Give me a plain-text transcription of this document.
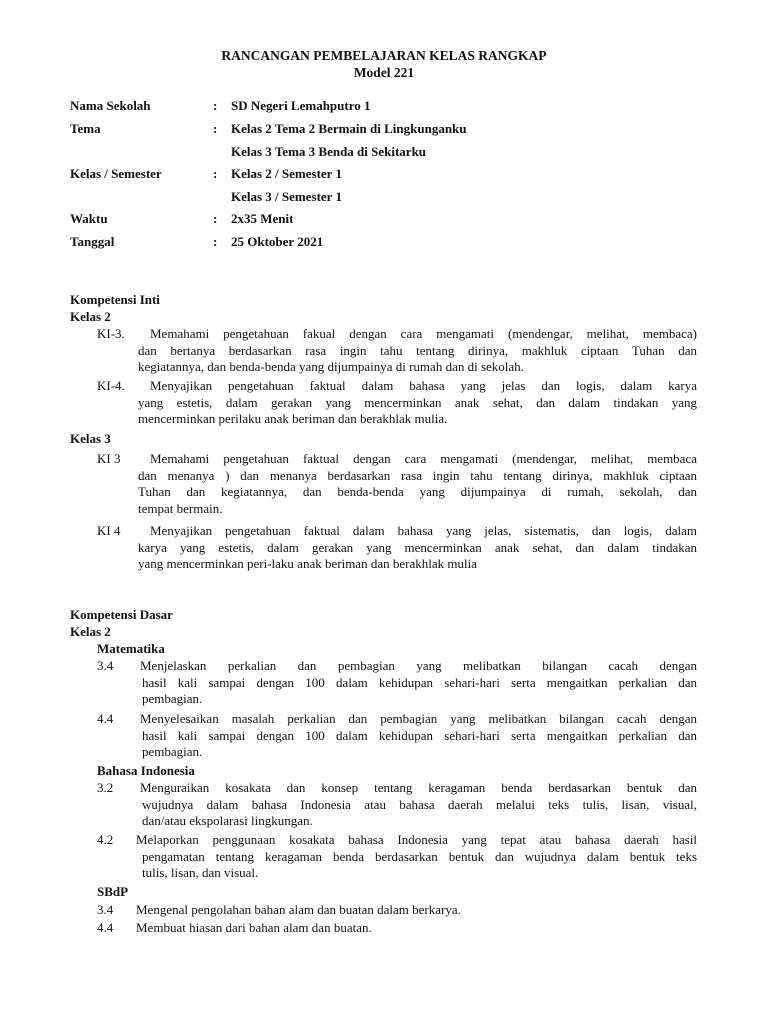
RANCANGAN PEMBELAJARAN KELAS RANGKAP
Model 221
Nama Sekolah	: SD Negeri Lemahputro 1
Tema	: Kelas 2 Tema 2 Bermain di Lingkunganku
Kelas 3 Tema 3 Benda di Sekitarku
Kelas / Semester	: Kelas 2 / Semester 1
Kelas 3 / Semester 1
Waktu	: 2x35 Menit
Tanggal	: 25 Oktober 2021
Kompetensi Inti
Kelas 2
KI-3.	Memahami pengetahuan fakual dengan cara mengamati (mendengar, melihat, membaca)
dan bertanya berdasarkan rasa ingin tahu tentang dirinya, makhluk ciptaan Tuhan dan
kegiatannya, dan benda-benda yang dijumpainya di rumah dan di sekolah.
KI-4.	Menyajikan pengetahuan faktual dalam bahasa yang jelas dan logis, dalam karya
yang estetis, dalam gerakan yang mencerminkan anak sehat, dan dalam tindakan yang
mencerminkan perilaku anak beriman dan berakhlak mulia.
Kelas 3
KI 3	Memahami pengetahuan faktual dengan cara mengamati (mendengar, melihat, membaca
dan menanya ) dan menanya berdasarkan rasa ingin tahu tentang dirinya, makhluk ciptaan
Tuhan dan kegiatannya, dan benda-benda yang dijumpainya di rumah, sekolah, dan
tempat bermain.
KI 4	Menyajikan pengetahuan faktual dalam bahasa yang jelas, sistematis, dan logis, dalam
karya yang estetis, dalam gerakan yang mencerminkan anak sehat, dan dalam tindakan
yang mencerminkan peri-laku anak beriman dan berakhlak mulia
Kompetensi Dasar
Kelas 2
Matematika
3.4 Menjelaskan perkalian dan pembagian yang melibatkan bilangan cacah dengan
hasil kali sampai dengan 100 dalam kehidupan sehari-hari serta mengaitkan perkalian dan
pembagian.
4.4 Menyelesaikan masalah perkalian dan pembagian yang melibatkan bilangan cacah dengan
hasil kali sampai dengan 100 dalam kehidupan sehari-hari serta mengaitkan perkalian dan
pembagian.
Bahasa Indonesia
3.2 Menguraikan kosakata dan konsep tentang keragaman benda berdasarkan bentuk dan
wujudnya dalam bahasa Indonesia atau bahasa daerah melalui teks tulis, lisan, visual,
dan/atau ekspolarasi lingkungan.
4.2 Melaporkan penggunaan kosakata bahasa Indonesia yang tepat atau bahasa daerah hasil
pengamatan tentang keragaman benda berdasarkan bentuk dan wujudnya dalam bentuk teks
tulis, lisan, dan visual.
SBdP
3.4 Mengenal pengolahan bahan alam dan buatan dalam berkarya.
4.4 Membuat hiasan dari bahan alam dan buatan.
